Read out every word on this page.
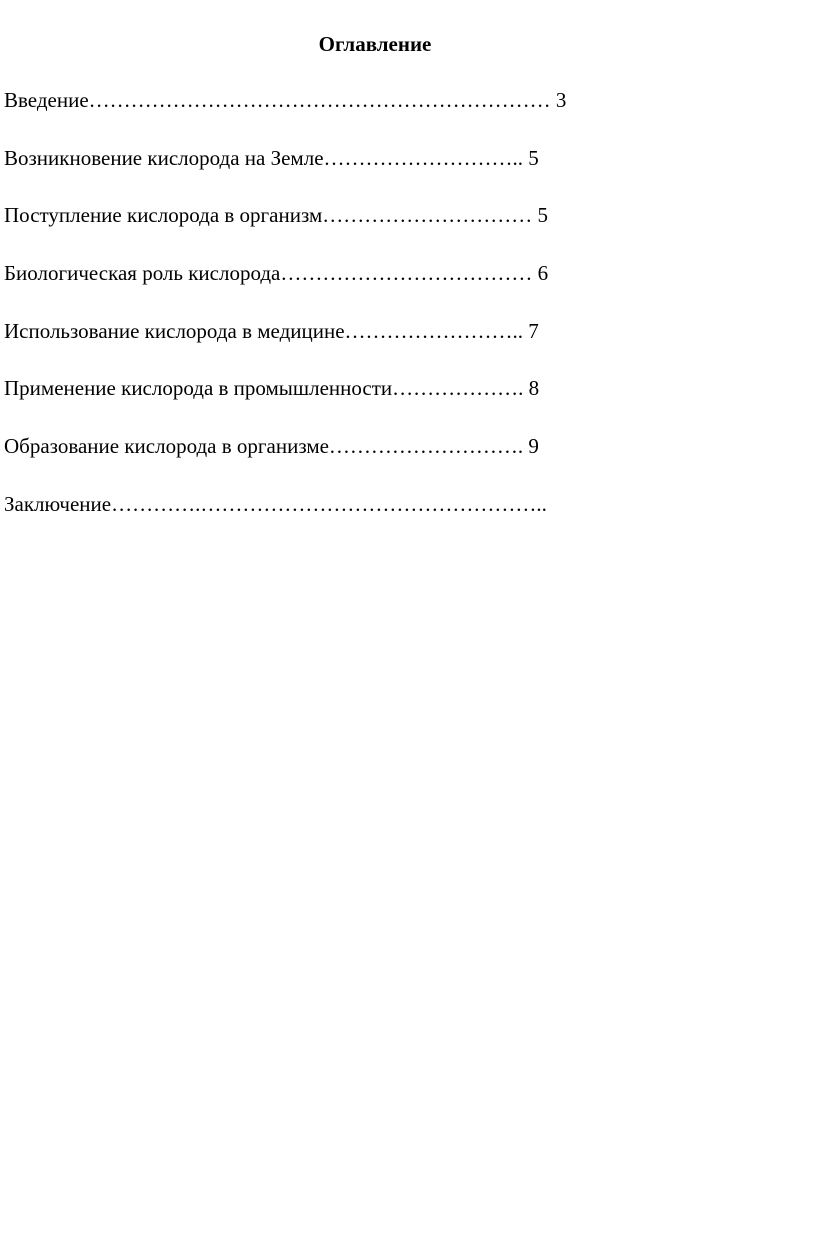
Оглавление
Введение………………………………………………………… 3
Возникновение кислорода на Земле……………………….. 5
Поступление кислорода в организм………………………… 5
Биологическая роль кислорода……………………………… 6
Использование кислорода в медицине…………………….. 7
Применение кислорода в промышленности………………. 8
Образование кислорода в организме………………………. 9
Заключение………….…………………………………………..
